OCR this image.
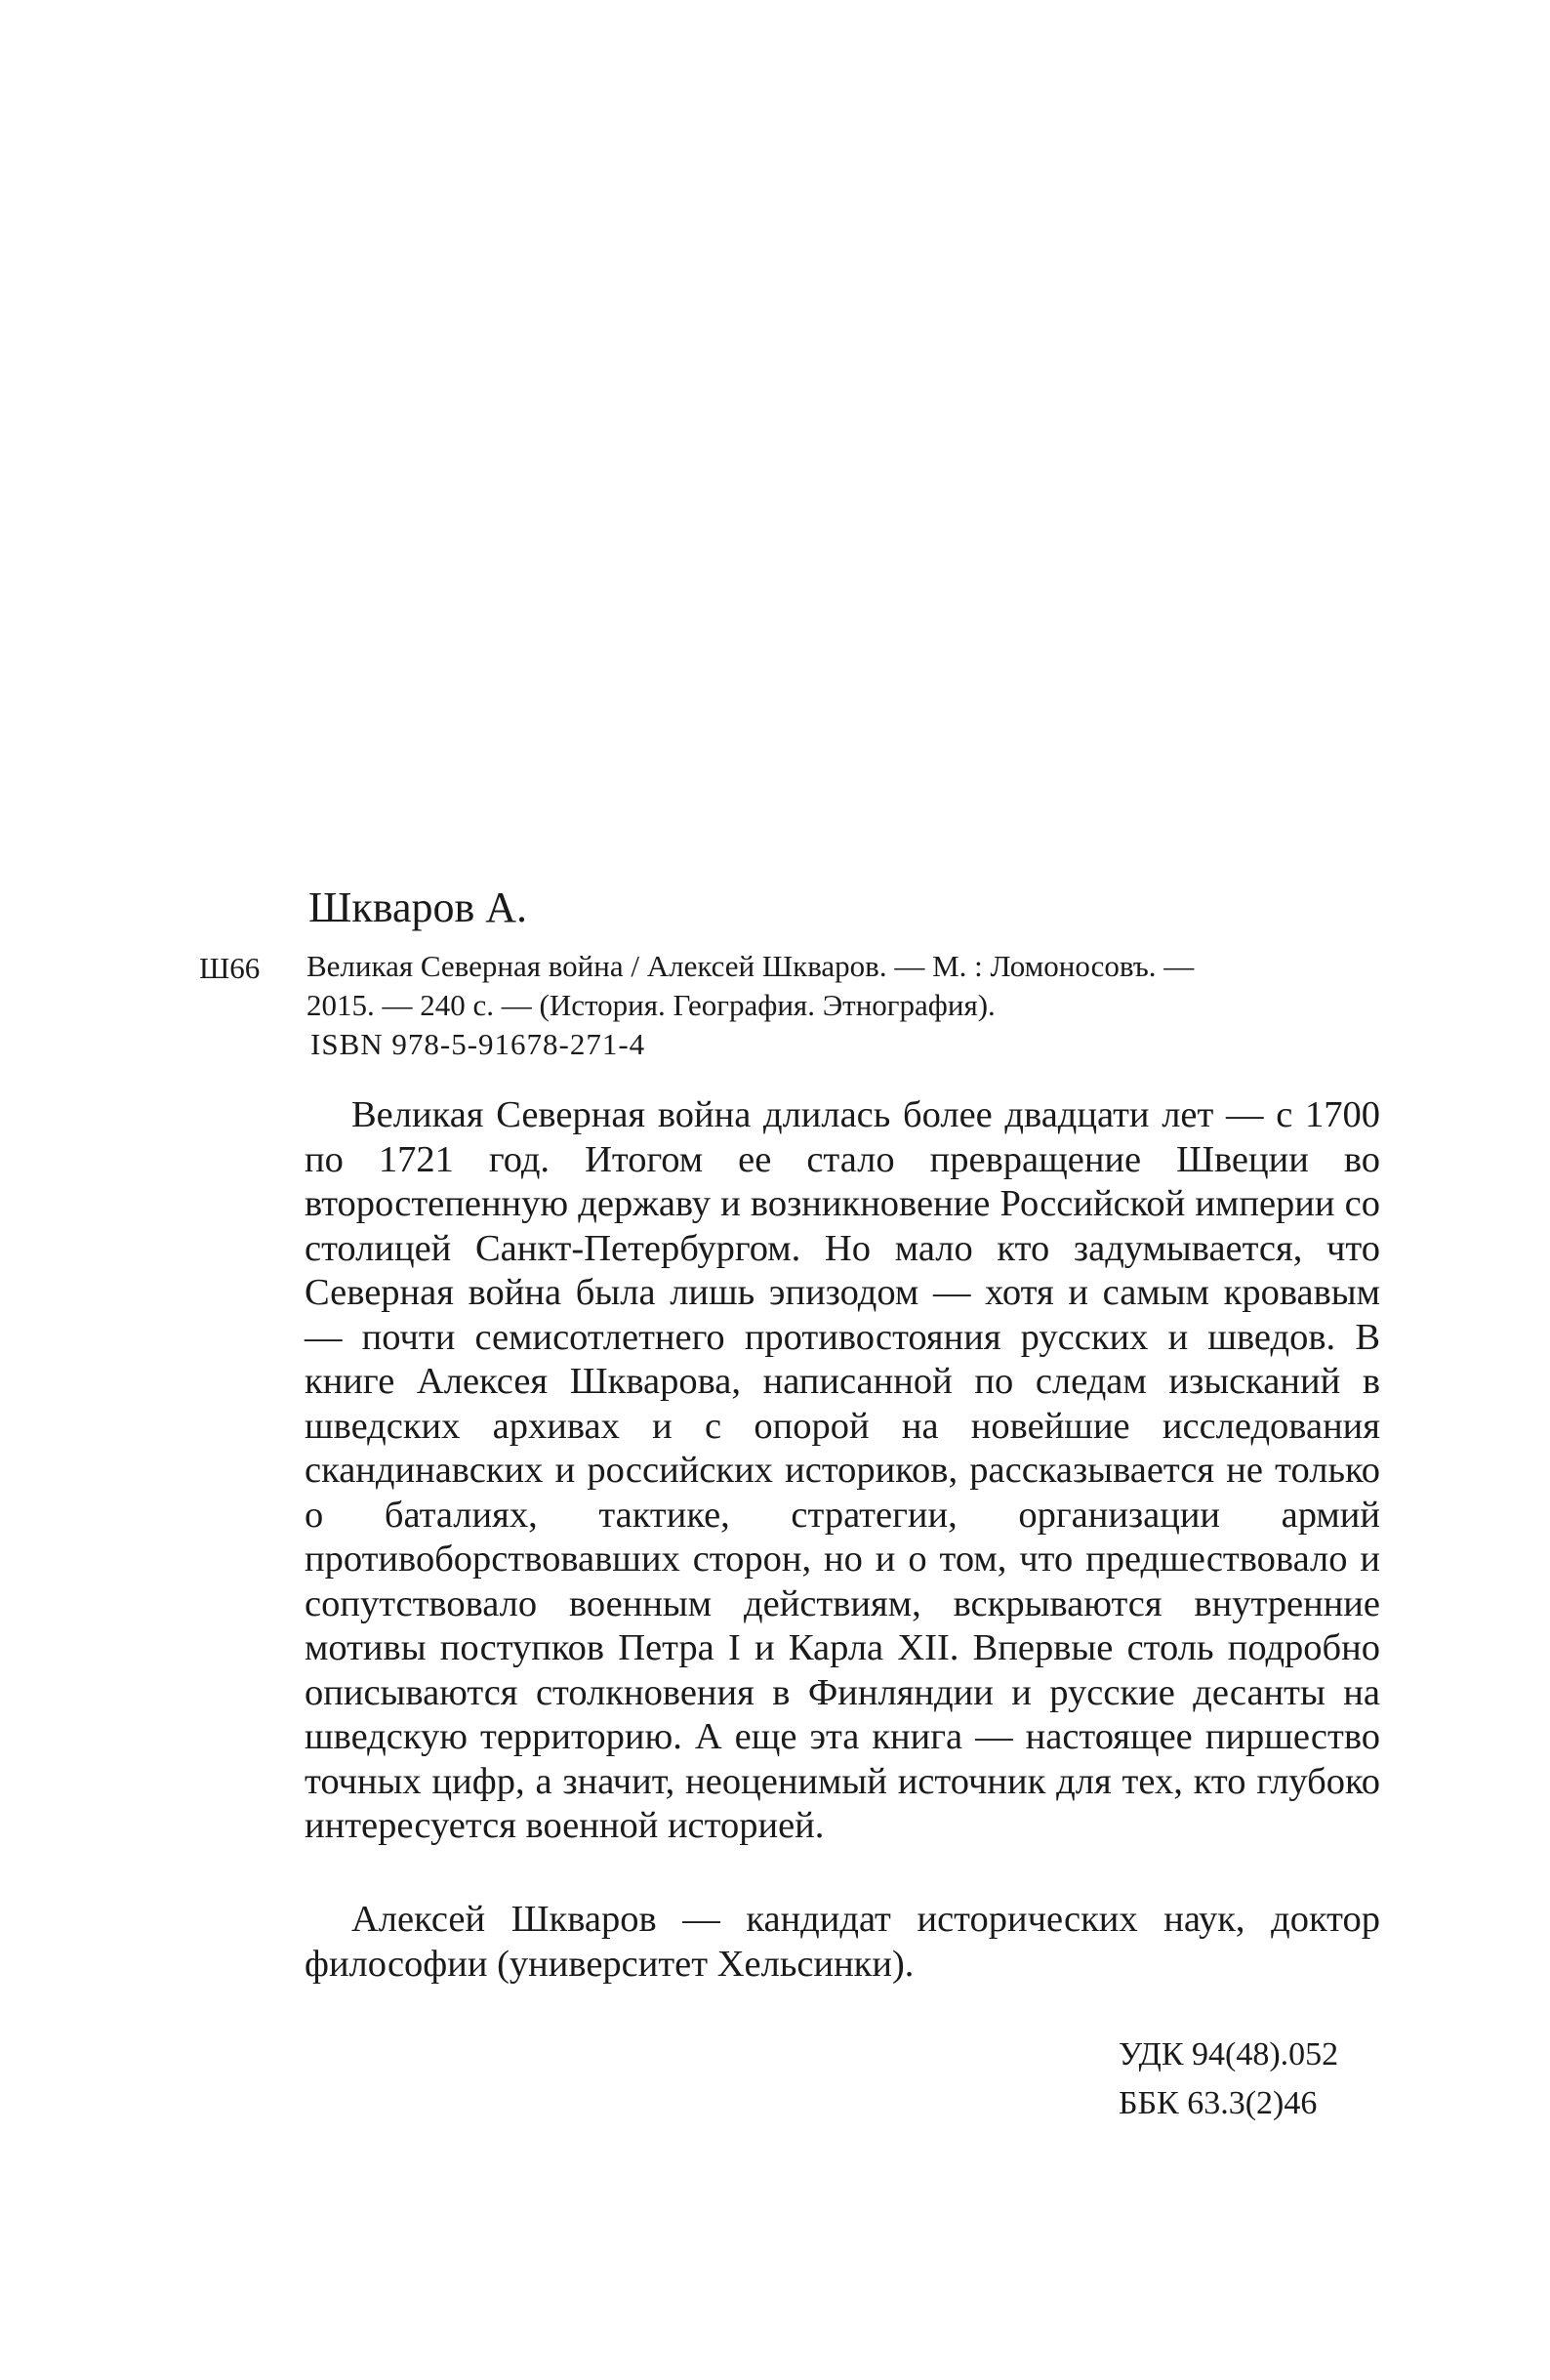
Шкваров А.
Ш66 Великая Северная война / Алексей Шкваров. — М. : Ломоносовъ. —
2015. — 240 с. — (История. География. Этнография).
ISBN 978-5-91678-271-4

Великая Северная война длилась более двадцати лет — с 1700 по 1721 год. Итогом ее стало превращение Швеции во второстепенную державу и возникновение Российской империи со столицей Санкт-Петербургом. Но мало кто задумывается, что Северная война была лишь эпизодом — хотя и самым кровавым — почти семисотлетнего противостояния русских и шведов. В книге Алексея Шкварова, написанной по следам изысканий в шведских архивах и с опорой на новейшие исследования скандинавских и российских историков, рассказывается не только о баталиях, тактике, стратегии, организации армий противоборствовавших сторон, но и о том, что предшествовало и сопутствовало военным действиям, вскрываются внутренние мотивы поступков Петра I и Карла XII. Впервые столь подробно описываются столкновения в Финляндии и русские десанты на шведскую территорию. А еще эта книга — настоящее пиршество точных цифр, а значит, неоценимый источник для тех, кто глубоко интересуется военной историей.

Алексей Шкваров — кандидат исторических наук, доктор философии (университет Хельсинки).

УДК 94(48).052
ББК 63.3(2)46
